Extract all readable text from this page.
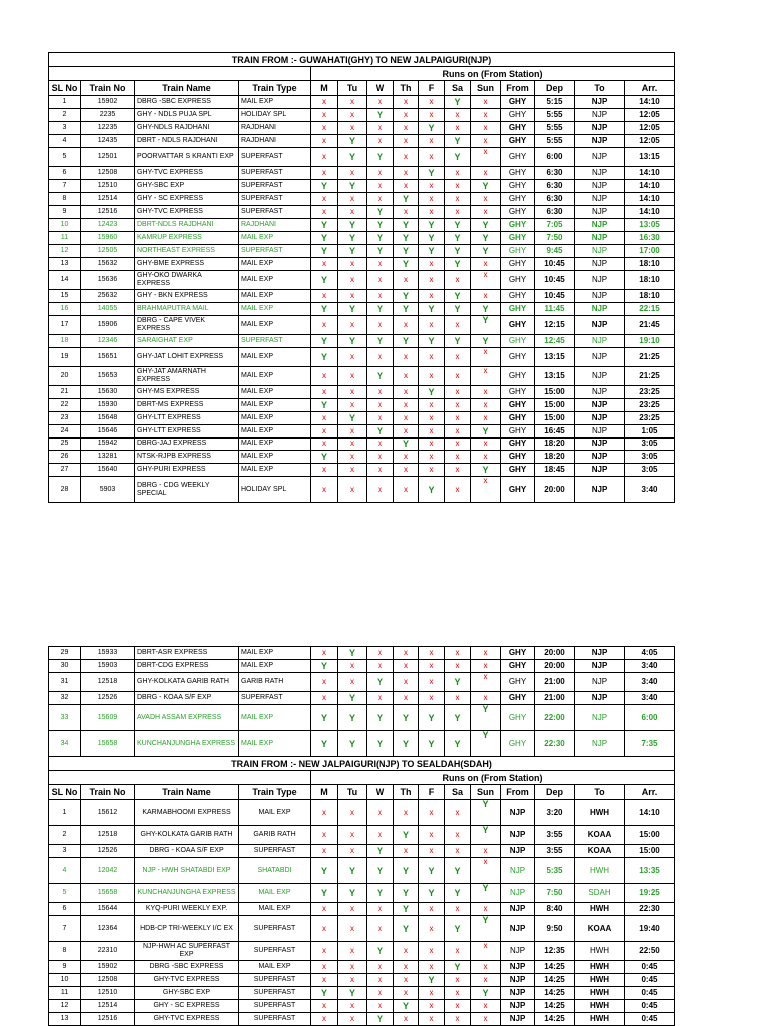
TRAIN FROM :- GUWAHATI(GHY) TO NEW JALPAIGURI(NJP)														
				Runs on (From Station)										
SL No	Train No	Train Name	Train Type	M	Tu	W	Th	F	Sa	Sun	From	Dep	To	Arr.
1	15902	DBRG -SBC EXPRESS	MAIL EXP	x	x	x	x	x	Y	x	GHY	5:15	NJP	14:10
2	2235	GHY - NDLS PUJA SPL	HOLIDAY SPL	x	x	Y	x	x	x	x	GHY	5:55	NJP	12:05
3	12235	GHY-NDLS RAJDHANI	RAJDHANI	x	x	x	x	Y	x	x	GHY	5:55	NJP	12:05
4	12435	DBRT - NDLS RAJDHANI	RAJDHANI	x	Y	x	x	x	Y	x	GHY	5:55	NJP	12:05
5	12501	POORVATTAR S KRANTI EXP	SUPERFAST	x	Y	Y	x	x	Y	x	GHY	6:00	NJP	13:15
6	12508	GHY-TVC EXPRESS	SUPERFAST	x	x	x	x	Y	x	x	GHY	6:30	NJP	14:10
7	12510	GHY-SBC EXP	SUPERFAST	Y	Y	x	x	x	x	Y	GHY	6:30	NJP	14:10
8	12514	GHY - SC EXPRESS	SUPERFAST	x	x	x	Y	x	x	x	GHY	6:30	NJP	14:10
9	12516	GHY-TVC EXPRESS	SUPERFAST	x	x	Y	x	x	x	x	GHY	6:30	NJP	14:10
10	12423	DBRT-NDLS RAJDHANI	RAJDHANI	Y	Y	Y	Y	Y	Y	Y	GHY	7:05	NJP	13:05
11	15960	KAMRUP EXPRESS	MAIL EXP	Y	Y	Y	Y	Y	Y	Y	GHY	7:50	NJP	16:30
12	12505	NORTHEAST EXPRESS	SUPERFAST	Y	Y	Y	Y	Y	Y	Y	GHY	9:45	NJP	17:00
13	15632	GHY-BME EXPRESS	MAIL EXP	x	x	x	Y	x	Y	x	GHY	10:45	NJP	18:10
14	15636	GHY-OKO DWARKA EXPRESS	MAIL EXP	Y	x	x	x	x	x	x	GHY	10:45	NJP	18:10
15	25632	GHY - BKN EXPRESS	MAIL EXP	x	x	x	Y	x	Y	x	GHY	10:45	NJP	18:10
16	14055	BRAHMAPUTRA MAIL	MAIL EXP	Y	Y	Y	Y	Y	Y	Y	GHY	11:45	NJP	22:15
17	15906	DBRG - CAPE VIVEK EXPRESS	MAIL EXP	x	x	x	x	x	x	Y	GHY	12:15	NJP	21:45
18	12346	SARAIGHAT EXP	SUPERFAST	Y	Y	Y	Y	Y	Y	Y	GHY	12:45	NJP	19:10
19	15651	GHY-JAT LOHIT EXPRESS	MAIL EXP	Y	x	x	x	x	x	x	GHY	13:15	NJP	21:25
20	15653	GHY-JAT AMARNATH EXPRESS	MAIL EXP	x	x	Y	x	x	x	x	GHY	13:15	NJP	21:25
21	15630	GHY-MS EXPRESS	MAIL EXP	x	x	x	x	Y	x	x	GHY	15:00	NJP	23:25
22	15930	DBRT-MS EXPRESS	MAIL EXP	Y	x	x	x	x	x	x	GHY	15:00	NJP	23:25
23	15648	GHY-LTT EXPRESS	MAIL EXP	x	Y	x	x	x	x	x	GHY	15:00	NJP	23:25
24	15646	GHY-LTT EXPRESS	MAIL EXP	x	x	Y	x	x	x	Y	GHY	16:45	NJP	1:05
25	15942	DBRG-JAJ EXPRESS	MAIL EXP	x	x	x	Y	x	x	x	GHY	18:20	NJP	3:05
26	13281	NTSK-RJPB EXPRESS	MAIL EXP	Y	x	x	x	x	x	x	GHY	18:20	NJP	3:05
27	15640	GHY-PURI EXPRESS	MAIL EXP	x	x	x	x	x	x	Y	GHY	18:45	NJP	3:05
28	5903	DBRG - CDG WEEKLY SPECIAL	HOLIDAY SPL	x	x	x	x	Y	x	x	GHY	20:00	NJP	3:40
29	15933	DBRT-ASR EXPRESS	MAIL EXP	x	Y	x	x	x	x	x	GHY	20:00	NJP	4:05
30	15903	DBRT-CDG EXPRESS	MAIL EXP	Y	x	x	x	x	x	x	GHY	20:00	NJP	3:40
31	12518	GHY-KOLKATA GARIB RATH	GARIB RATH	x	x	Y	x	x	Y	x	GHY	21:00	NJP	3:40
32	12526	DBRG - KOAA S/F EXP	SUPERFAST	x	Y	x	x	x	x	x	GHY	21:00	NJP	3:40
33	15609	AVADH ASSAM EXPRESS	MAIL EXP	Y	Y	Y	Y	Y	Y	Y	GHY	22:00	NJP	6:00
34	15658	KUNCHANJUNGHA EXPRESS	MAIL EXP	Y	Y	Y	Y	Y	Y	Y	GHY	22:30	NJP	7:35
TRAIN FROM :- NEW JALPAIGURI(NJP) TO SEALDAH(SDAH)														
				Runs on (From Station)										
SL No	Train No	Train Name	Train Type	M	Tu	W	Th	F	Sa	Sun	From	Dep	To	Arr.
1	15612	KARMABHOOMI EXPRESS	MAIL EXP	x	x	x	x	x	x	Y	NJP	3:20	HWH	14:10
2	12518	GHY-KOLKATA GARIB RATH	GARIB RATH	x	x	x	Y	x	x	Y	NJP	3:55	KOAA	15:00
3	12526	DBRG - KOAA S/F EXP	SUPERFAST	x	x	Y	x	x	x	x	NJP	3:55	KOAA	15:00
4	12042	NJP - HWH SHATABDI EXP	SHATABDI	Y	Y	Y	Y	Y	Y	x	NJP	5:35	HWH	13:35
5	15658	KUNCHANJUNGHA EXPRESS	MAIL EXP	Y	Y	Y	Y	Y	Y	Y	NJP	7:50	SDAH	19:25
6	15644	KYQ-PURI WEEKLY EXP.	MAIL EXP	x	x	x	Y	x	x	x	NJP	8:40	HWH	22:30
7	12364	HDB-CP TRI-WEEKLY I/C EX	SUPERFAST	x	x	x	Y	x	Y	Y	NJP	9:50	KOAA	19:40
8	22310	NJP-HWH AC SUPERFAST EXP	SUPERFAST	x	x	Y	x	x	x	x	NJP	12:35	HWH	22:50
9	15902	DBRG -SBC EXPRESS	MAIL EXP	x	x	x	x	x	Y	x	NJP	14:25	HWH	0:45
10	12508	GHY-TVC EXPRESS	SUPERFAST	x	x	x	x	Y	x	x	NJP	14:25	HWH	0:45
11	12510	GHY-SBC EXP	SUPERFAST	Y	Y	x	x	x	x	Y	NJP	14:25	HWH	0:45
12	12514	GHY - SC EXPRESS	SUPERFAST	x	x	x	Y	x	x	x	NJP	14:25	HWH	0:45
13	12516	GHY-TVC EXPRESS	SUPERFAST	x	x	Y	x	x	x	x	NJP	14:25	HWH	0:45
